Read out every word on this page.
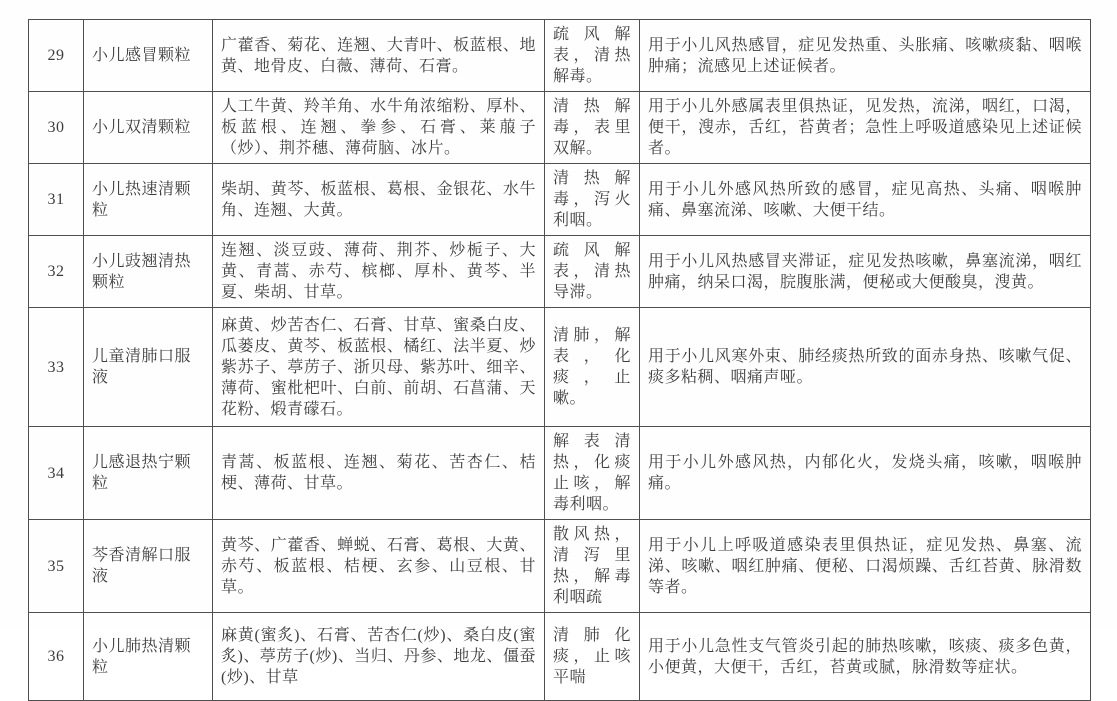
29	小儿感冒颗粒	广藿香、菊花、连翘、大青叶、板蓝根、地黄、地骨皮、白薇、薄荷、石膏。	疏风解表，清热解毒。	用于小儿风热感冒，症见发热重、头胀痛、咳嗽痰黏、咽喉肿痛；流感见上述证候者。
30	小儿双清颗粒	人工牛黄、羚羊角、水牛角浓缩粉、厚朴、板蓝根、连翘、拳参、石膏、莱菔子（炒）、荆芥穗、薄荷脑、冰片。	清热解毒，表里双解。	用于小儿外感属表里俱热证，见发热，流涕，咽红，口渴，便干，溲赤，舌红，苔黄者；急性上呼吸道感染见上述证候者。
31	小儿热速清颗粒	柴胡、黄芩、板蓝根、葛根、金银花、水牛角、连翘、大黄。	清热解毒，泻火利咽。	用于小儿外感风热所致的感冒，症见高热、头痛、咽喉肿痛、鼻塞流涕、咳嗽、大便干结。
32	小儿豉翘清热颗粒	连翘、淡豆豉、薄荷、荆芥、炒栀子、大黄、青蒿、赤芍、槟榔、厚朴、黄芩、半夏、柴胡、甘草。	疏风解表，清热导滞。	用于小儿风热感冒夹滞证，症见发热咳嗽，鼻塞流涕，咽红肿痛，纳呆口渴，脘腹胀满，便秘或大便酸臭，溲黄。
33	儿童清肺口服液	麻黄、炒苦杏仁、石膏、甘草、蜜桑白皮、瓜蒌皮、黄芩、板蓝根、橘红、法半夏、炒紫苏子、葶苈子、浙贝母、紫苏叶、细辛、薄荷、蜜枇杷叶、白前、前胡、石菖蒲、天花粉、煅青礞石。	清肺，解表，化痰，止嗽。	用于小儿风寒外束、肺经痰热所致的面赤身热、咳嗽气促、痰多粘稠、咽痛声哑。
34	儿感退热宁颗粒	青蒿、板蓝根、连翘、菊花、苦杏仁、桔梗、薄荷、甘草。	解表清热，化痰止咳，解毒利咽。	用于小儿外感风热，内郁化火，发烧头痛，咳嗽，咽喉肿痛。
35	芩香清解口服液	黄芩、广藿香、蝉蜕、石膏、葛根、大黄、赤芍、板蓝根、桔梗、玄参、山豆根、甘草。	散风热，清泻里热，解毒利咽疏	用于小儿上呼吸道感染表里俱热证，症见发热、鼻塞、流涕、咳嗽、咽红肿痛、便秘、口渴烦躁、舌红苔黄、脉滑数等者。
36	小儿肺热清颗粒	麻黄(蜜炙)、石膏、苦杏仁(炒)、桑白皮(蜜炙)、葶苈子(炒)、当归、丹参、地龙、僵蚕(炒)、甘草	清肺化痰，止咳平喘	用于小儿急性支气管炎引起的肺热咳嗽，咳痰、痰多色黄，小便黄，大便干，舌红，苔黄或腻，脉滑数等症状。
